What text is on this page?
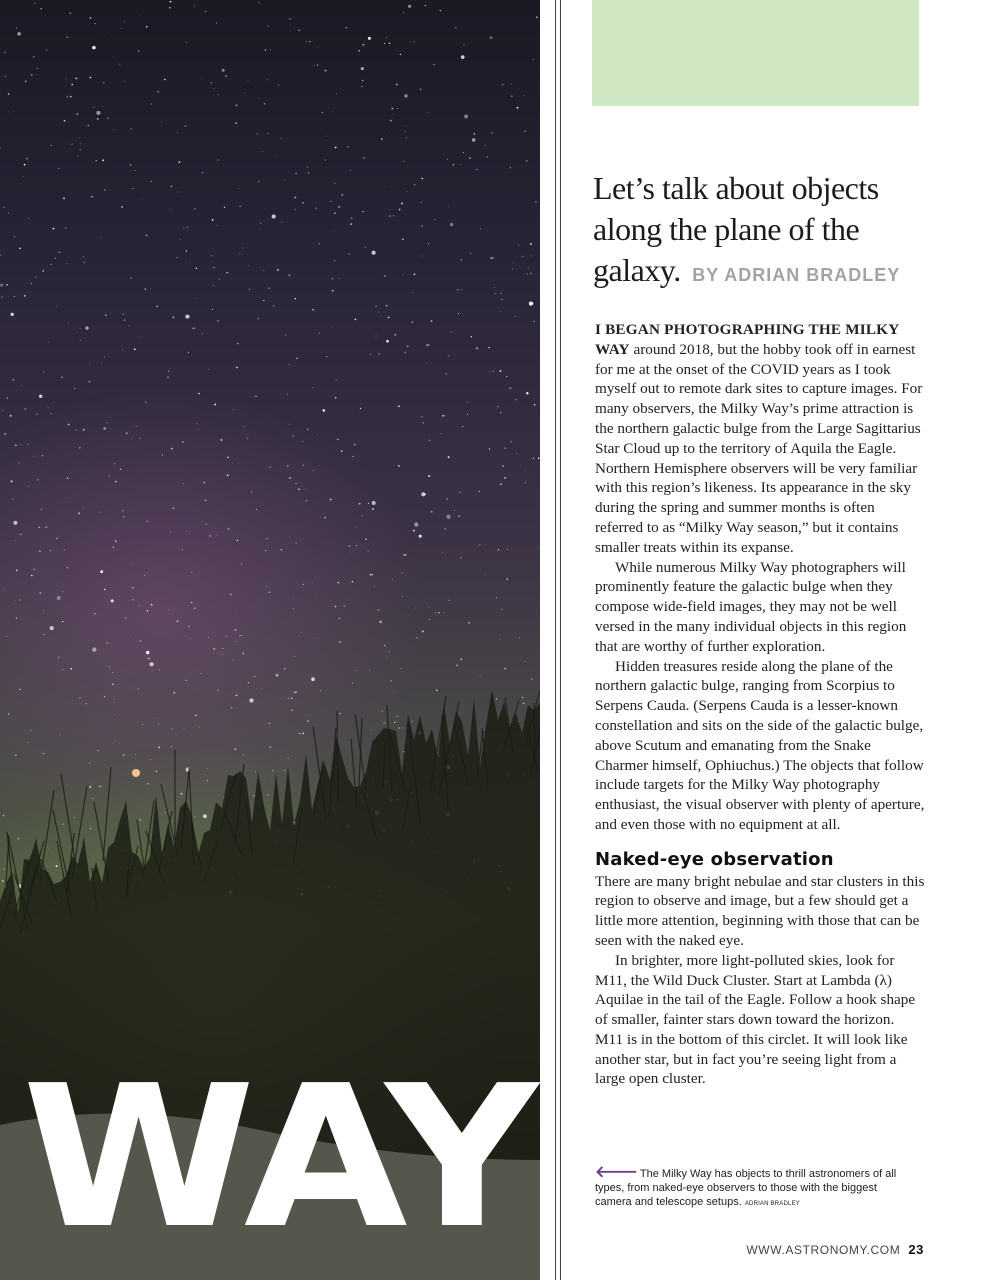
WAY
Let’s talk about objects along the plane of the galaxy. BY ADRIAN BRADLEY

I BEGAN PHOTOGRAPHING THE MILKY WAY around 2018, but the hobby took off in earnest for me at the onset of the COVID years as I took myself out to remote dark sites to capture images. For many observers, the Milky Way’s prime attraction is the northern galactic bulge from the Large Sagittarius Star Cloud up to the territory of Aquila the Eagle. Northern Hemisphere observers will be very familiar with this region’s likeness. Its appearance in the sky during the spring and summer months is often referred to as “Milky Way season,” but it contains smaller treats within its expanse.

While numerous Milky Way photographers will prominently feature the galactic bulge when they compose wide-field images, they may not be well versed in the many individual objects in this region that are worthy of further exploration.

Hidden treasures reside along the plane of the northern galactic bulge, ranging from Scorpius to Serpens Cauda. (Serpens Cauda is a lesser-known constellation and sits on the side of the galactic bulge, above Scutum and emanating from the Snake Charmer himself, Ophiuchus.) The objects that follow include targets for the Milky Way photography enthusiast, the visual observer with plenty of aperture, and even those with no equipment at all.

Naked-eye observation

There are many bright nebulae and star clusters in this region to observe and image, but a few should get a little more attention, beginning with those that can be seen with the naked eye.

In brighter, more light-polluted skies, look for M11, the Wild Duck Cluster. Start at Lambda (λ) Aquilae in the tail of the Eagle. Follow a hook shape of smaller, fainter stars down toward the horizon. M11 is in the bottom of this circlet. It will look like another star, but in fact you’re seeing light from a large open cluster.

🡐 The Milky Way has objects to thrill astronomers of all types, from naked-eye observers to those with the biggest camera and telescope setups. ADRIAN BRADLEY
WWW.ASTRONOMY.COM 23
